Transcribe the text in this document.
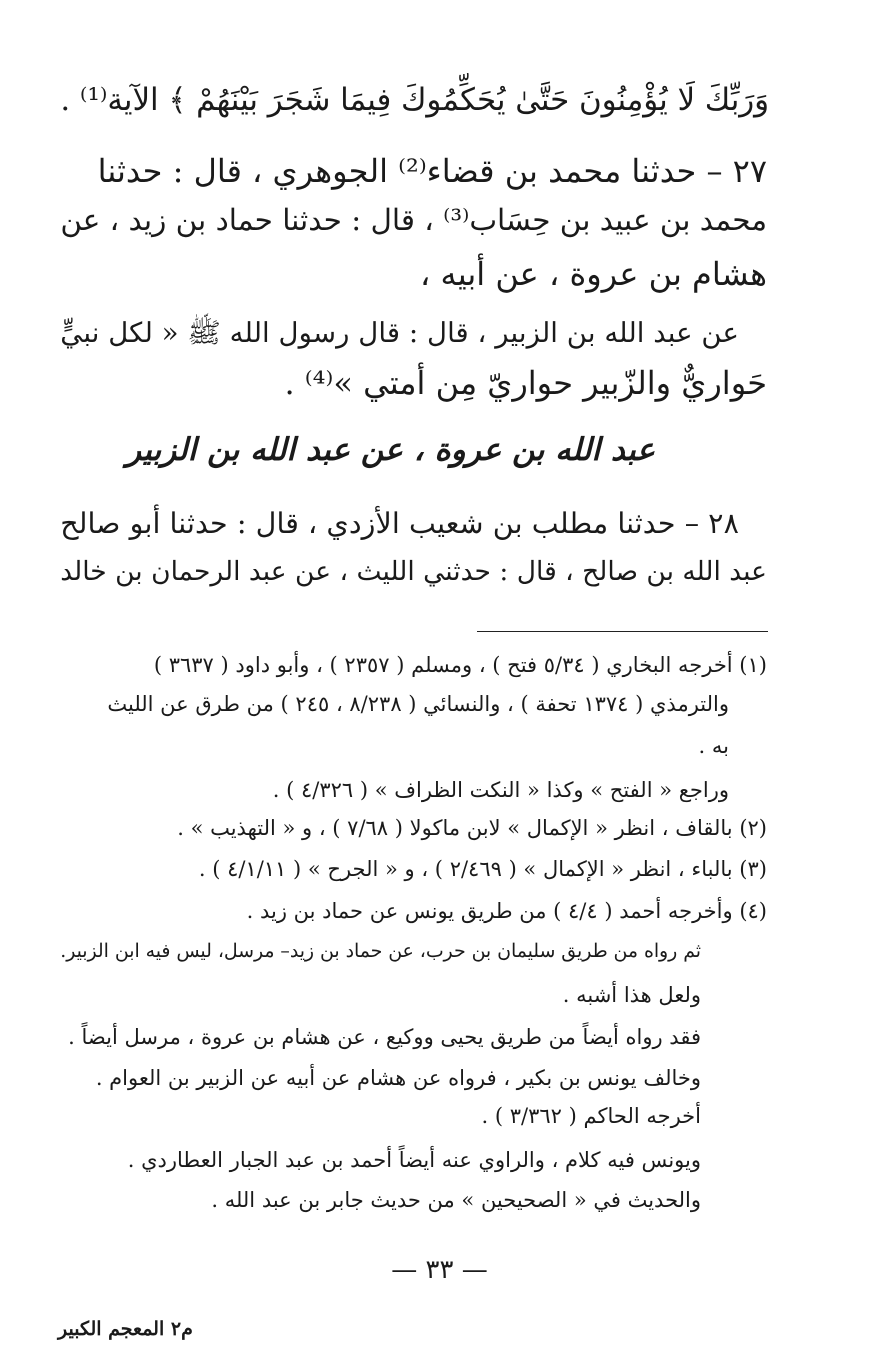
وَرَبِّكَ لَا يُؤْمِنُونَ حَتَّىٰ يُحَكِّمُوكَ فِيمَا شَجَرَ بَيْنَهُمْ ﴾ الآية⁽¹⁾ .
٢٧ – حدثنا محمد بن قضاء⁽²⁾ الجوهري ، قال : حدثنا
محمد بن عبيد بن حِسَاب⁽³⁾ ، قال : حدثنا حماد بن زيد ، عن
هشام بن عروة ، عن أبيه ،
عن عبد الله بن الزبير ، قال : قال رسول الله ﷺ « لكل نبيٍّ
حَواريٌّ والزّبير حواريّ مِن أمتي »⁽⁴⁾ .
عبد الله بن عروة ، عن عبد الله بن الزبير
٢٨ – حدثنا مطلب بن شعيب الأزدي ، قال : حدثنا أبو صالح
عبد الله بن صالح ، قال : حدثني الليث ، عن عبد الرحمان بن خالد
(١) أخرجه البخاري ( ٥/٣٤ فتح ) ، ومسلم ( ٢٣٥٧ ) ، وأبو داود ( ٣٦٣٧ )
والترمذي ( ١٣٧٤ تحفة ) ، والنسائي ( ٨/٢٣٨ ، ٢٤٥ ) من طرق عن الليث
به .
وراجع « الفتح » وكذا « النكت الظراف » ( ٤/٣٢٦ ) .
(٢) بالقاف ، انظر « الإكمال » لابن ماكولا ( ٧/٦٨ ) ، و « التهذيب » .
(٣) بالباء ، انظر « الإكمال » ( ٢/٤٦٩ ) ، و « الجرح » ( ٤/١/١١ ) .
(٤) وأخرجه أحمد ( ٤/٤ ) من طريق يونس عن حماد بن زيد .
ثم رواه من طريق سليمان بن حرب، عن حماد بن زيد– مرسل، ليس فيه ابن الزبير.
ولعل هذا أشبه .
فقد رواه أيضاً من طريق يحيى ووكيع ، عن هشام بن عروة ، مرسل أيضاً .
وخالف يونس بن بكير ، فرواه عن هشام عن أبيه عن الزبير بن العوام .
أخرجه الحاكم ( ٣/٣٦٢ ) .
ويونس فيه كلام ، والراوي عنه أيضاً أحمد بن عبد الجبار العطاردي .
والحديث في « الصحيحين » من حديث جابر بن عبد الله .
— ٣٣ —
م٢ المعجم الكبير
